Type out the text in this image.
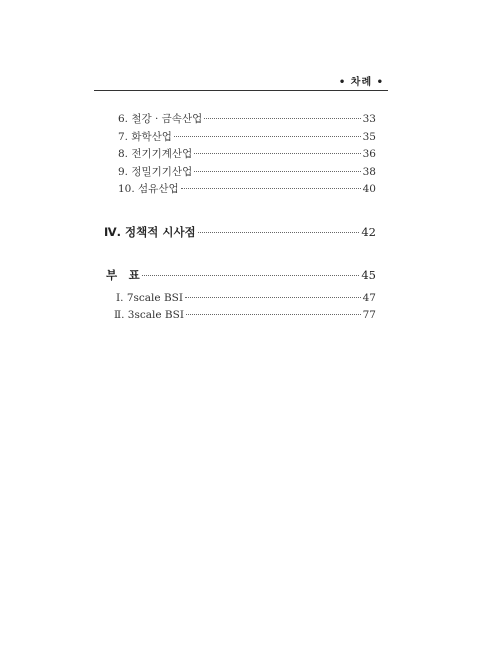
• 차례 •
6. 철강 · 금속산업	33
7. 화학산업	35
8. 전기기계산업	36
9. 정밀기기산업	38
10. 섬유산업	40
Ⅳ. 정책적 시사점	42
부　표	45
Ⅰ. 7scale BSI	47
Ⅱ. 3scale BSI	77
